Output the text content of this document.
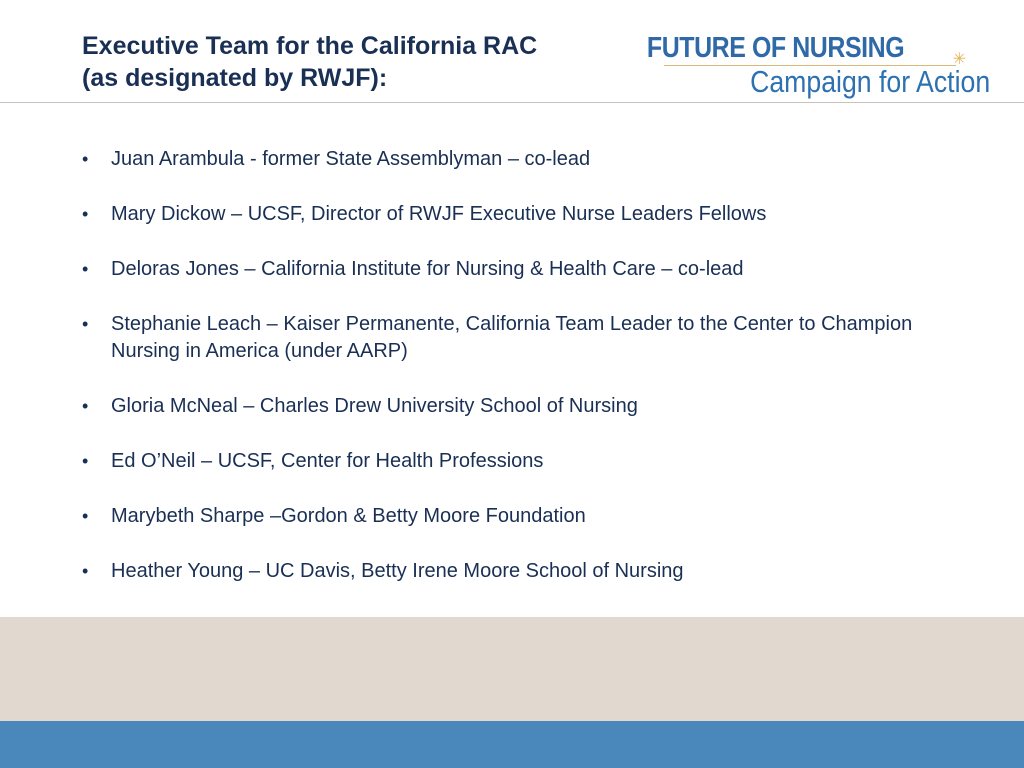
Executive Team for the California RAC
(as designated by RWJF):
FUTURE OF NURSING	✳
Campaign for Action
• Juan Arambula - former State Assemblyman – co-lead
• Mary Dickow – UCSF, Director of RWJF Executive Nurse Leaders Fellows
• Deloras Jones – California Institute for Nursing & Health Care – co-lead
• Stephanie Leach – Kaiser Permanente, California Team Leader to the Center to Champion Nursing in America (under AARP)
• Gloria McNeal – Charles Drew University School of Nursing
• Ed O’Neil – UCSF, Center for Health Professions
• Marybeth Sharpe –Gordon & Betty Moore Foundation
• Heather Young – UC Davis, Betty Irene Moore School of Nursing
